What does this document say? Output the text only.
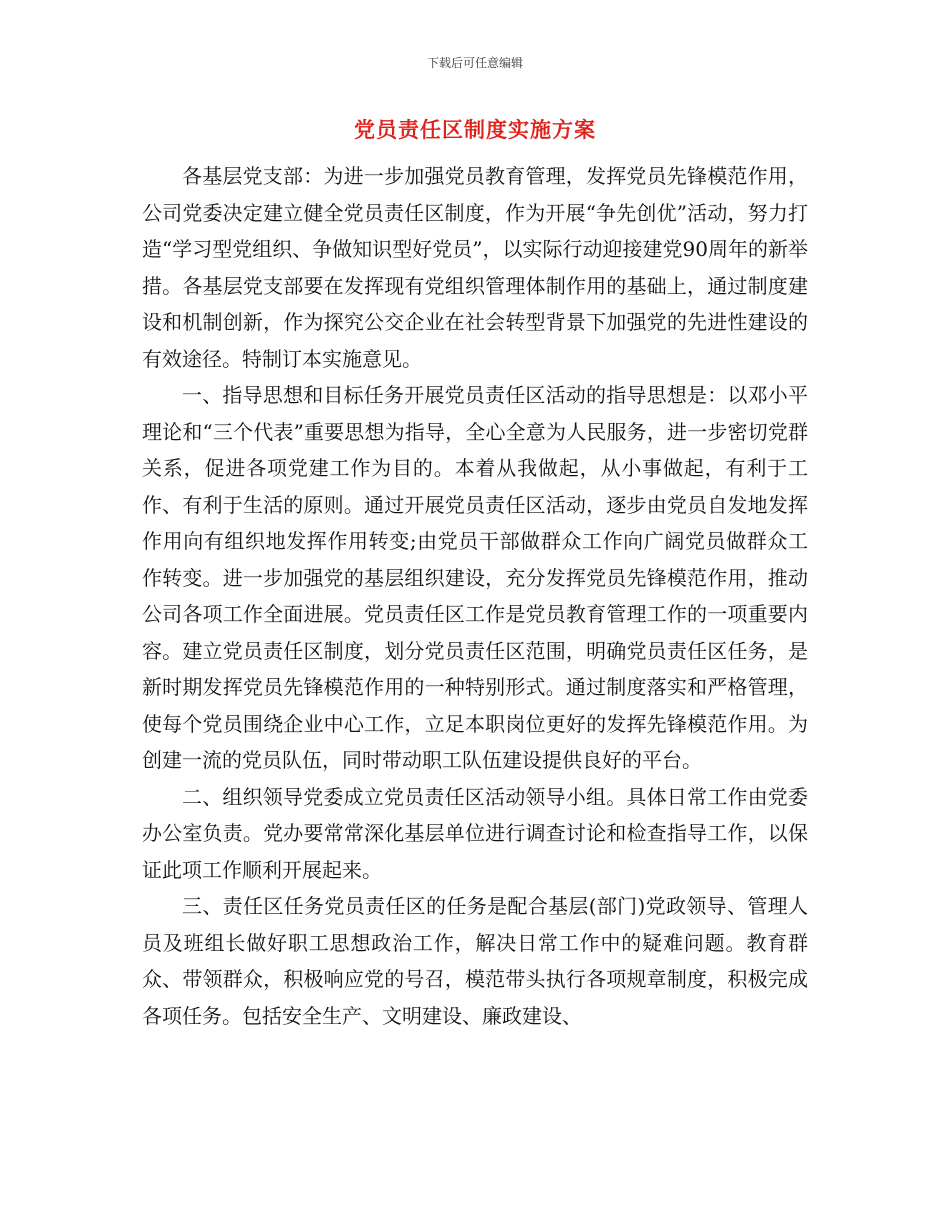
下载后可任意编辑
党员责任区制度实施方案

各基层党支部：为进一步加强党员教育管理，发挥党员先锋模范作用，公司党委决定建立健全党员责任区制度，作为开展“争先创优”活动，努力打造“学习型党组织、争做知识型好党员”，以实际行动迎接建党90周年的新举措。各基层党支部要在发挥现有党组织管理体制作用的基础上，通过制度建设和机制创新，作为探究公交企业在社会转型背景下加强党的先进性建设的有效途径。特制订本实施意见。

一、指导思想和目标任务开展党员责任区活动的指导思想是：以邓小平理论和“三个代表”重要思想为指导，全心全意为人民服务，进一步密切党群关系，促进各项党建工作为目的。本着从我做起，从小事做起，有利于工作、有利于生活的原则。通过开展党员责任区活动，逐步由党员自发地发挥作用向有组织地发挥作用转变;由党员干部做群众工作向广阔党员做群众工作转变。进一步加强党的基层组织建设，充分发挥党员先锋模范作用，推动公司各项工作全面进展。党员责任区工作是党员教育管理工作的一项重要内容。建立党员责任区制度，划分党员责任区范围，明确党员责任区任务，是新时期发挥党员先锋模范作用的一种特别形式。通过制度落实和严格管理，使每个党员围绕企业中心工作，立足本职岗位更好的发挥先锋模范作用。为创建一流的党员队伍，同时带动职工队伍建设提供良好的平台。

二、组织领导党委成立党员责任区活动领导小组。具体日常工作由党委办公室负责。党办要常常深化基层单位进行调查讨论和检查指导工作，以保证此项工作顺利开展起来。

三、责任区任务党员责任区的任务是配合基层(部门)党政领导、管理人员及班组长做好职工思想政治工作，解决日常工作中的疑难问题。教育群众、带领群众，积极响应党的号召，模范带头执行各项规章制度，积极完成各项任务。包括安全生产、文明建设、廉政建设、
